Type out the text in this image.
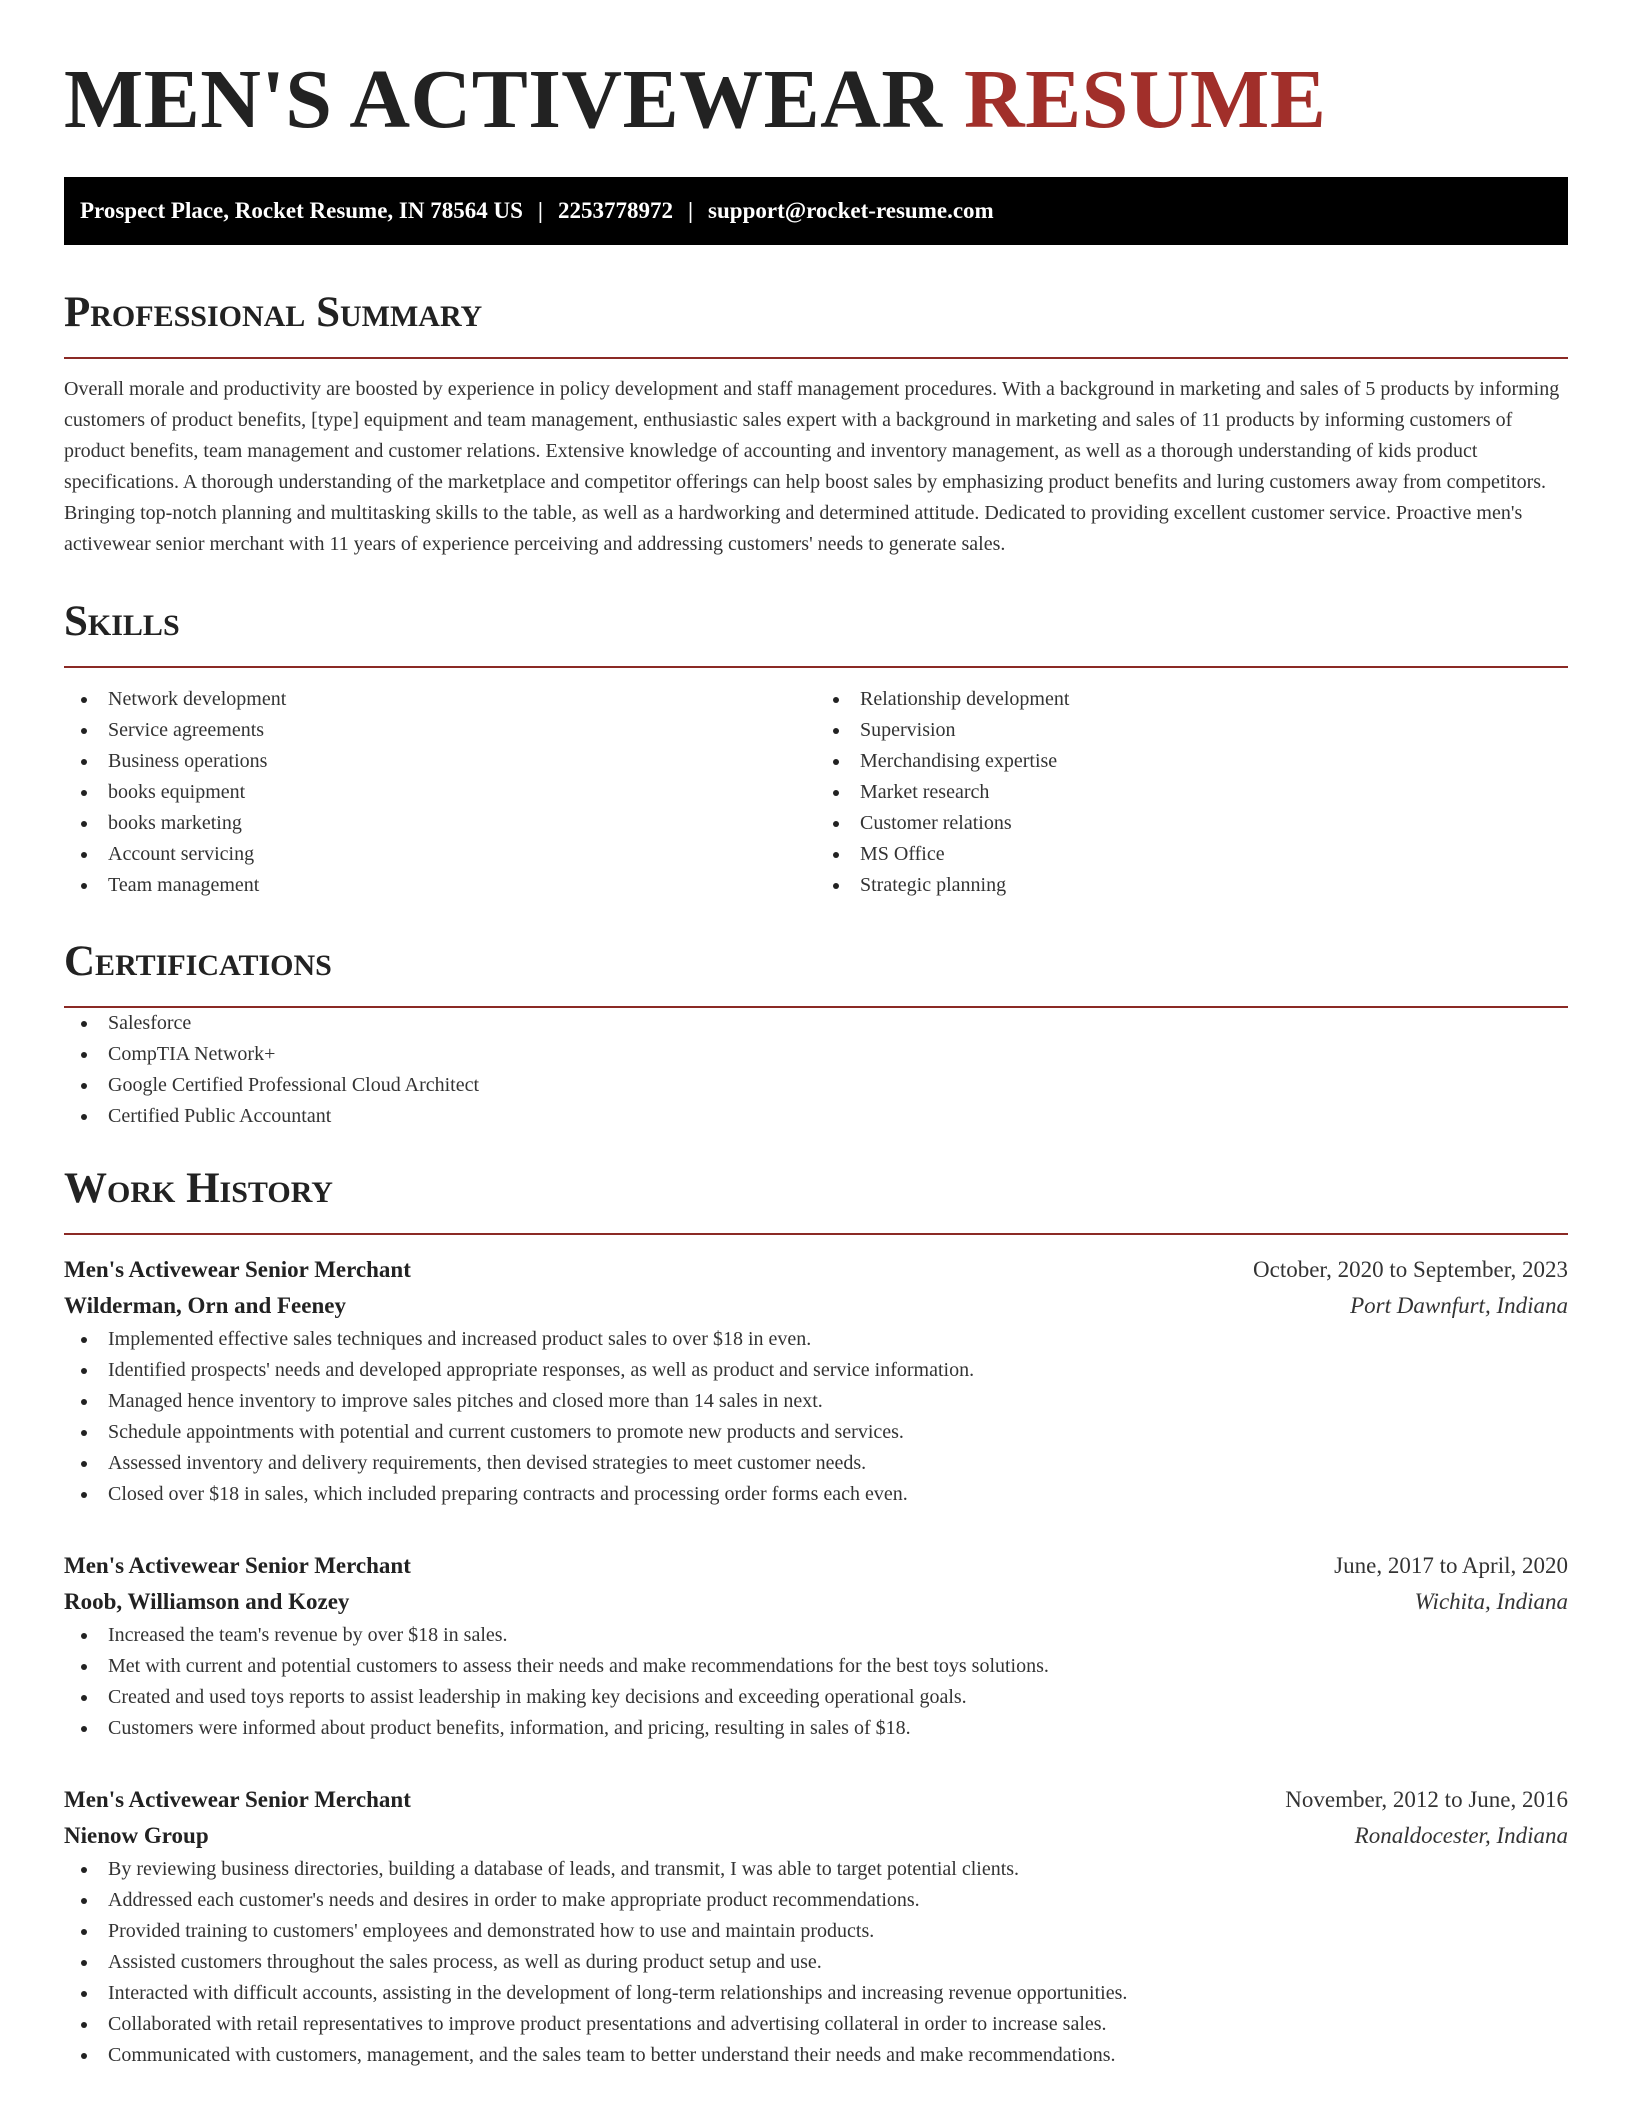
MEN'S ACTIVEWEAR RESUME
Prospect Place, Rocket Resume, IN 78564 US | 2253778972 | support@rocket-resume.com
Professional Summary

Overall morale and productivity are boosted by experience in policy development and staff management procedures. With a background in marketing and sales of 5 products by informing customers of product benefits, [type] equipment and team management, enthusiastic sales expert with a background in marketing and sales of 11 products by informing customers of product benefits, team management and customer relations. Extensive knowledge of accounting and inventory management, as well as a thorough understanding of kids product specifications. A thorough understanding of the marketplace and competitor offerings can help boost sales by emphasizing product benefits and luring customers away from competitors. Bringing top-notch planning and multitasking skills to the table, as well as a hardworking and determined attitude. Dedicated to providing excellent customer service. Proactive men's activewear senior merchant with 11 years of experience perceiving and addressing customers' needs to generate sales.

Skills
Network development
Service agreements
Business operations
books equipment
books marketing
Account servicing
Team management
Relationship development
Supervision
Merchandising expertise
Market research
Customer relations
MS Office
Strategic planning
Certifications
Salesforce
CompTIA Network+
Google Certified Professional Cloud Architect
Certified Public Accountant
Work History
Men's Activewear Senior Merchant	October, 2020 to September, 2023
Wilderman, Orn and Feeney	Port Dawnfurt, Indiana
Implemented effective sales techniques and increased product sales to over $18 in even.
Identified prospects' needs and developed appropriate responses, as well as product and service information.
Managed hence inventory to improve sales pitches and closed more than 14 sales in next.
Schedule appointments with potential and current customers to promote new products and services.
Assessed inventory and delivery requirements, then devised strategies to meet customer needs.
Closed over $18 in sales, which included preparing contracts and processing order forms each even.
Men's Activewear Senior Merchant	June, 2017 to April, 2020
Roob, Williamson and Kozey	Wichita, Indiana
Increased the team's revenue by over $18 in sales.
Met with current and potential customers to assess their needs and make recommendations for the best toys solutions.
Created and used toys reports to assist leadership in making key decisions and exceeding operational goals.
Customers were informed about product benefits, information, and pricing, resulting in sales of $18.
Men's Activewear Senior Merchant	November, 2012 to June, 2016
Nienow Group	Ronaldocester, Indiana
By reviewing business directories, building a database of leads, and transmit, I was able to target potential clients.
Addressed each customer's needs and desires in order to make appropriate product recommendations.
Provided training to customers' employees and demonstrated how to use and maintain products.
Assisted customers throughout the sales process, as well as during product setup and use.
Interacted with difficult accounts, assisting in the development of long-term relationships and increasing revenue opportunities.
Collaborated with retail representatives to improve product presentations and advertising collateral in order to increase sales.
Communicated with customers, management, and the sales team to better understand their needs and make recommendations.
